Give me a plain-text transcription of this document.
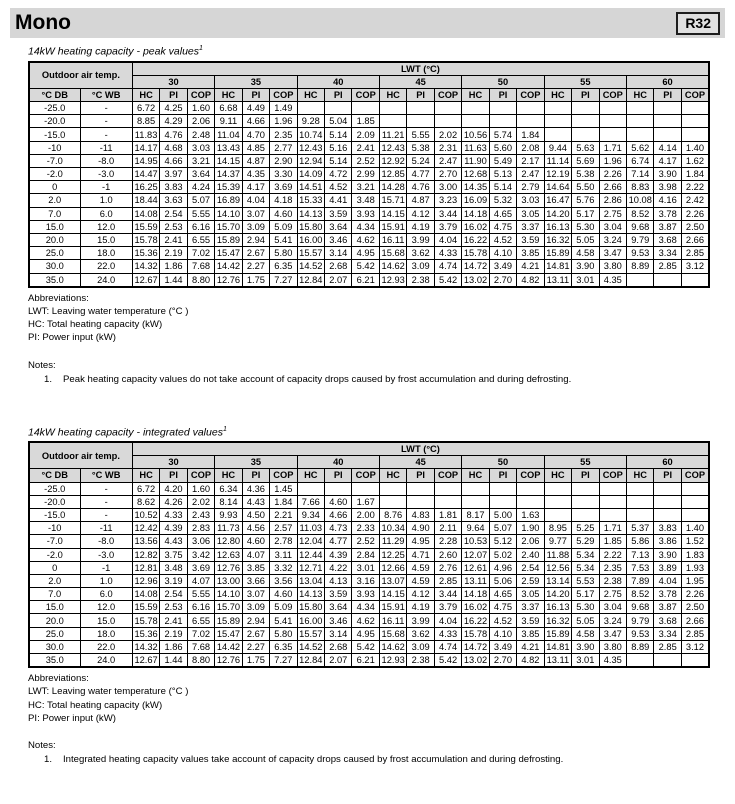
Mono	R32
14kW heating capacity - peak values$^1$
Outdoor air temp.		LWT (°C)																				
		30			35			40			45			50			55			60		
°C DB	°C WB	HC	PI	COP	HC	PI	COP	HC	PI	COP	HC	PI	COP	HC	PI	COP	HC	PI	COP	HC	PI	COP
-25.0	-	6.72	4.25	1.60	6.68	4.49	1.49															
-20.0	-	8.85	4.29	2.06	9.11	4.66	1.96	9.28	5.04	1.85												
-15.0	-	11.83	4.76	2.48	11.04	4.70	2.35	10.74	5.14	2.09	11.21	5.55	2.02	10.56	5.74	1.84						
-10	-11	14.17	4.68	3.03	13.43	4.85	2.77	12.43	5.16	2.41	12.43	5.38	2.31	11.63	5.60	2.08	9.44	5.63	1.71	5.62	4.14	1.40
-7.0	-8.0	14.95	4.66	3.21	14.15	4.87	2.90	12.94	5.14	2.52	12.92	5.24	2.47	11.90	5.49	2.17	11.14	5.69	1.96	6.74	4.17	1.62
-2.0	-3.0	14.47	3.97	3.64	14.37	4.35	3.30	14.09	4.72	2.99	12.85	4.77	2.70	12.68	5.13	2.47	12.19	5.38	2.26	7.14	3.90	1.84
0	-1	16.25	3.83	4.24	15.39	4.17	3.69	14.51	4.52	3.21	14.28	4.76	3.00	14.35	5.14	2.79	14.64	5.50	2.66	8.83	3.98	2.22
2.0	1.0	18.44	3.63	5.07	16.89	4.04	4.18	15.33	4.41	3.48	15.71	4.87	3.23	16.09	5.32	3.03	16.47	5.76	2.86	10.08	4.16	2.42
7.0	6.0	14.08	2.54	5.55	14.10	3.07	4.60	14.13	3.59	3.93	14.15	4.12	3.44	14.18	4.65	3.05	14.20	5.17	2.75	8.52	3.78	2.26
15.0	12.0	15.59	2.53	6.16	15.70	3.09	5.09	15.80	3.64	4.34	15.91	4.19	3.79	16.02	4.75	3.37	16.13	5.30	3.04	9.68	3.87	2.50
20.0	15.0	15.78	2.41	6.55	15.89	2.94	5.41	16.00	3.46	4.62	16.11	3.99	4.04	16.22	4.52	3.59	16.32	5.05	3.24	9.79	3.68	2.66
25.0	18.0	15.36	2.19	7.02	15.47	2.67	5.80	15.57	3.14	4.95	15.68	3.62	4.33	15.78	4.10	3.85	15.89	4.58	3.47	9.53	3.34	2.85
30.0	22.0	14.32	1.86	7.68	14.42	2.27	6.35	14.52	2.68	5.42	14.62	3.09	4.74	14.72	3.49	4.21	14.81	3.90	3.80	8.89	2.85	3.12
35.0	24.0	12.67	1.44	8.80	12.76	1.75	7.27	12.84	2.07	6.21	12.93	2.38	5.42	13.02	2.70	4.82	13.11	3.01	4.35			
Abbreviations:
LWT: Leaving water temperature (°C )
HC: Total heating capacity (kW)
PI: Power input (kW)
Notes:
1. Peak heating capacity values do not take account of capacity drops caused by frost accumulation and during defrosting.
14kW heating capacity - integrated values$^1$
Outdoor air temp.		LWT (°C)																				
		30			35			40			45			50			55			60		
°C DB	°C WB	HC	PI	COP	HC	PI	COP	HC	PI	COP	HC	PI	COP	HC	PI	COP	HC	PI	COP	HC	PI	COP
-25.0	-	6.72	4.20	1.60	6.34	4.36	1.45															
-20.0	-	8.62	4.26	2.02	8.14	4.43	1.84	7.66	4.60	1.67												
-15.0	-	10.52	4.33	2.43	9.93	4.50	2.21	9.34	4.66	2.00	8.76	4.83	1.81	8.17	5.00	1.63						
-10	-11	12.42	4.39	2.83	11.73	4.56	2.57	11.03	4.73	2.33	10.34	4.90	2.11	9.64	5.07	1.90	8.95	5.25	1.71	5.37	3.83	1.40
-7.0	-8.0	13.56	4.43	3.06	12.80	4.60	2.78	12.04	4.77	2.52	11.29	4.95	2.28	10.53	5.12	2.06	9.77	5.29	1.85	5.86	3.86	1.52
-2.0	-3.0	12.82	3.75	3.42	12.63	4.07	3.11	12.44	4.39	2.84	12.25	4.71	2.60	12.07	5.02	2.40	11.88	5.34	2.22	7.13	3.90	1.83
0	-1	12.81	3.48	3.69	12.76	3.85	3.32	12.71	4.22	3.01	12.66	4.59	2.76	12.61	4.96	2.54	12.56	5.34	2.35	7.53	3.89	1.93
2.0	1.0	12.96	3.19	4.07	13.00	3.66	3.56	13.04	4.13	3.16	13.07	4.59	2.85	13.11	5.06	2.59	13.14	5.53	2.38	7.89	4.04	1.95
7.0	6.0	14.08	2.54	5.55	14.10	3.07	4.60	14.13	3.59	3.93	14.15	4.12	3.44	14.18	4.65	3.05	14.20	5.17	2.75	8.52	3.78	2.26
15.0	12.0	15.59	2.53	6.16	15.70	3.09	5.09	15.80	3.64	4.34	15.91	4.19	3.79	16.02	4.75	3.37	16.13	5.30	3.04	9.68	3.87	2.50
20.0	15.0	15.78	2.41	6.55	15.89	2.94	5.41	16.00	3.46	4.62	16.11	3.99	4.04	16.22	4.52	3.59	16.32	5.05	3.24	9.79	3.68	2.66
25.0	18.0	15.36	2.19	7.02	15.47	2.67	5.80	15.57	3.14	4.95	15.68	3.62	4.33	15.78	4.10	3.85	15.89	4.58	3.47	9.53	3.34	2.85
30.0	22.0	14.32	1.86	7.68	14.42	2.27	6.35	14.52	2.68	5.42	14.62	3.09	4.74	14.72	3.49	4.21	14.81	3.90	3.80	8.89	2.85	3.12
35.0	24.0	12.67	1.44	8.80	12.76	1.75	7.27	12.84	2.07	6.21	12.93	2.38	5.42	13.02	2.70	4.82	13.11	3.01	4.35			
Abbreviations:
LWT: Leaving water temperature (°C )
HC: Total heating capacity (kW)
PI: Power input (kW)
Notes:
1. Integrated heating capacity values take account of capacity drops caused by frost accumulation and during defrosting.
